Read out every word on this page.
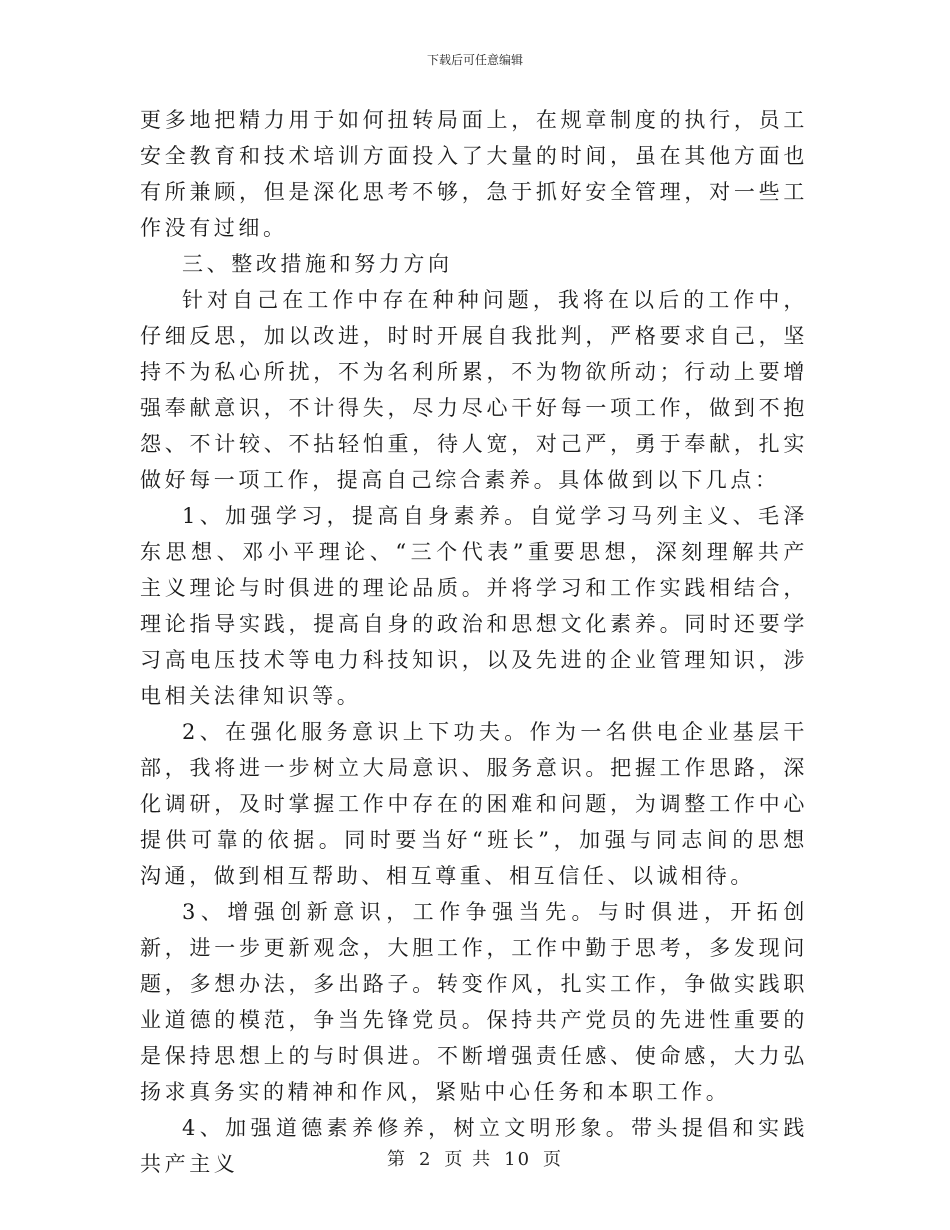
下载后可任意编辑

更多地把精力用于如何扭转局面上，在规章制度的执行，员工安全教育和技术培训方面投入了大量的时间，虽在其他方面也有所兼顾，但是深化思考不够，急于抓好安全管理，对一些工作没有过细。

三、整改措施和努力方向

针对自己在工作中存在种种问题，我将在以后的工作中，仔细反思，加以改进，时时开展自我批判，严格要求自己，坚持不为私心所扰，不为名利所累，不为物欲所动；行动上要增强奉献意识，不计得失，尽力尽心干好每一项工作，做到不抱怨、不计较、不拈轻怕重，待人宽，对己严，勇于奉献，扎实做好每一项工作，提高自己综合素养。具体做到以下几点：

1、加强学习，提高自身素养。自觉学习马列主义、毛泽东思想、邓小平理论、“三个代表”重要思想，深刻理解共产主义理论与时俱进的理论品质。并将学习和工作实践相结合，理论指导实践，提高自身的政治和思想文化素养。同时还要学习高电压技术等电力科技知识，以及先进的企业管理知识，涉电相关法律知识等。

2、在强化服务意识上下功夫。作为一名供电企业基层干部，我将进一步树立大局意识、服务意识。把握工作思路，深化调研，及时掌握工作中存在的困难和问题，为调整工作中心提供可靠的依据。同时要当好“班长”，加强与同志间的思想沟通，做到相互帮助、相互尊重、相互信任、以诚相待。

3、增强创新意识，工作争强当先。与时俱进，开拓创新，进一步更新观念，大胆工作，工作中勤于思考，多发现问题，多想办法，多出路子。转变作风，扎实工作，争做实践职业道德的模范，争当先锋党员。保持共产党员的先进性重要的是保持思想上的与时俱进。不断增强责任感、使命感，大力弘扬求真务实的精神和作风，紧贴中心任务和本职工作。

4、加强道德素养修养，树立文明形象。带头提倡和实践共产主义	第 2 页 共 10 页
